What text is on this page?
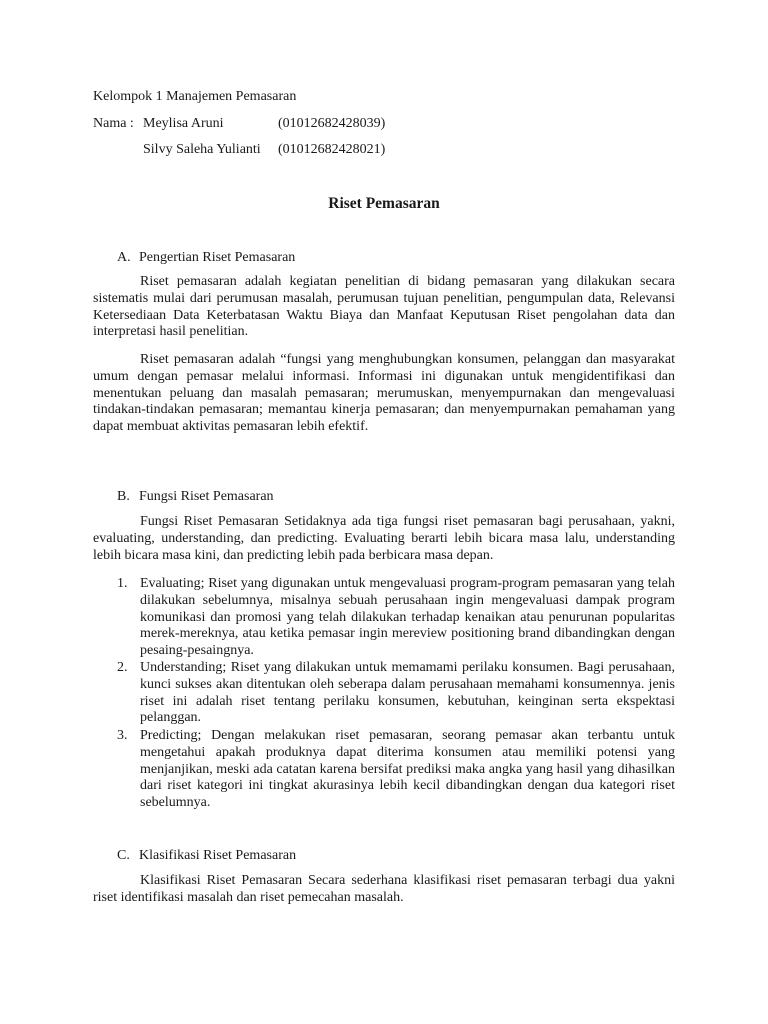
Kelompok 1 Manajemen Pemasaran
Nama : Meylisa Aruni	(01012682428039)
Silvy Saleha Yulianti (01012682428021)
Riset Pemasaran
A. Pengertian Riset Pemasaran

Riset pemasaran adalah kegiatan penelitian di bidang pemasaran yang dilakukan secara sistematis mulai dari perumusan masalah, perumusan tujuan penelitian, pengumpulan data, Relevansi Ketersediaan Data Keterbatasan Waktu Biaya dan Manfaat Keputusan Riset pengolahan data dan interpretasi hasil penelitian.

Riset pemasaran adalah “fungsi yang menghubungkan konsumen, pelanggan dan masyarakat umum dengan pemasar melalui informasi. Informasi ini digunakan untuk mengidentifikasi dan menentukan peluang dan masalah pemasaran; merumuskan, menyempurnakan dan mengevaluasi tindakan-tindakan pemasaran; memantau kinerja pemasaran; dan menyempurnakan pemahaman yang dapat membuat aktivitas pemasaran lebih efektif.

B. Fungsi Riset Pemasaran

Fungsi Riset Pemasaran Setidaknya ada tiga fungsi riset pemasaran bagi perusahaan, yakni, evaluating, understanding, dan predicting. Evaluating berarti lebih bicara masa lalu, understanding lebih bicara masa kini, dan predicting lebih pada berbicara masa depan.

1. Evaluating; Riset yang digunakan untuk mengevaluasi program-program pemasaran yang telah dilakukan sebelumnya, misalnya sebuah perusahaan ingin mengevaluasi dampak program komunikasi dan promosi yang telah dilakukan terhadap kenaikan atau penurunan popularitas merek-mereknya, atau ketika pemasar ingin mereview positioning brand dibandingkan dengan pesaing-pesaingnya.
2. Understanding; Riset yang dilakukan untuk memamami perilaku konsumen. Bagi perusahaan, kunci sukses akan ditentukan oleh seberapa dalam perusahaan memahami konsumennya. jenis riset ini adalah riset tentang perilaku konsumen, kebutuhan, keinginan serta ekspektasi pelanggan.
3. Predicting; Dengan melakukan riset pemasaran, seorang pemasar akan terbantu untuk mengetahui apakah produknya dapat diterima konsumen atau memiliki potensi yang menjanjikan, meski ada catatan karena bersifat prediksi maka angka yang hasil yang dihasilkan dari riset kategori ini tingkat akurasinya lebih kecil dibandingkan dengan dua kategori riset sebelumnya.
C. Klasifikasi Riset Pemasaran

Klasifikasi Riset Pemasaran Secara sederhana klasifikasi riset pemasaran terbagi dua yakni riset identifikasi masalah dan riset pemecahan masalah.
